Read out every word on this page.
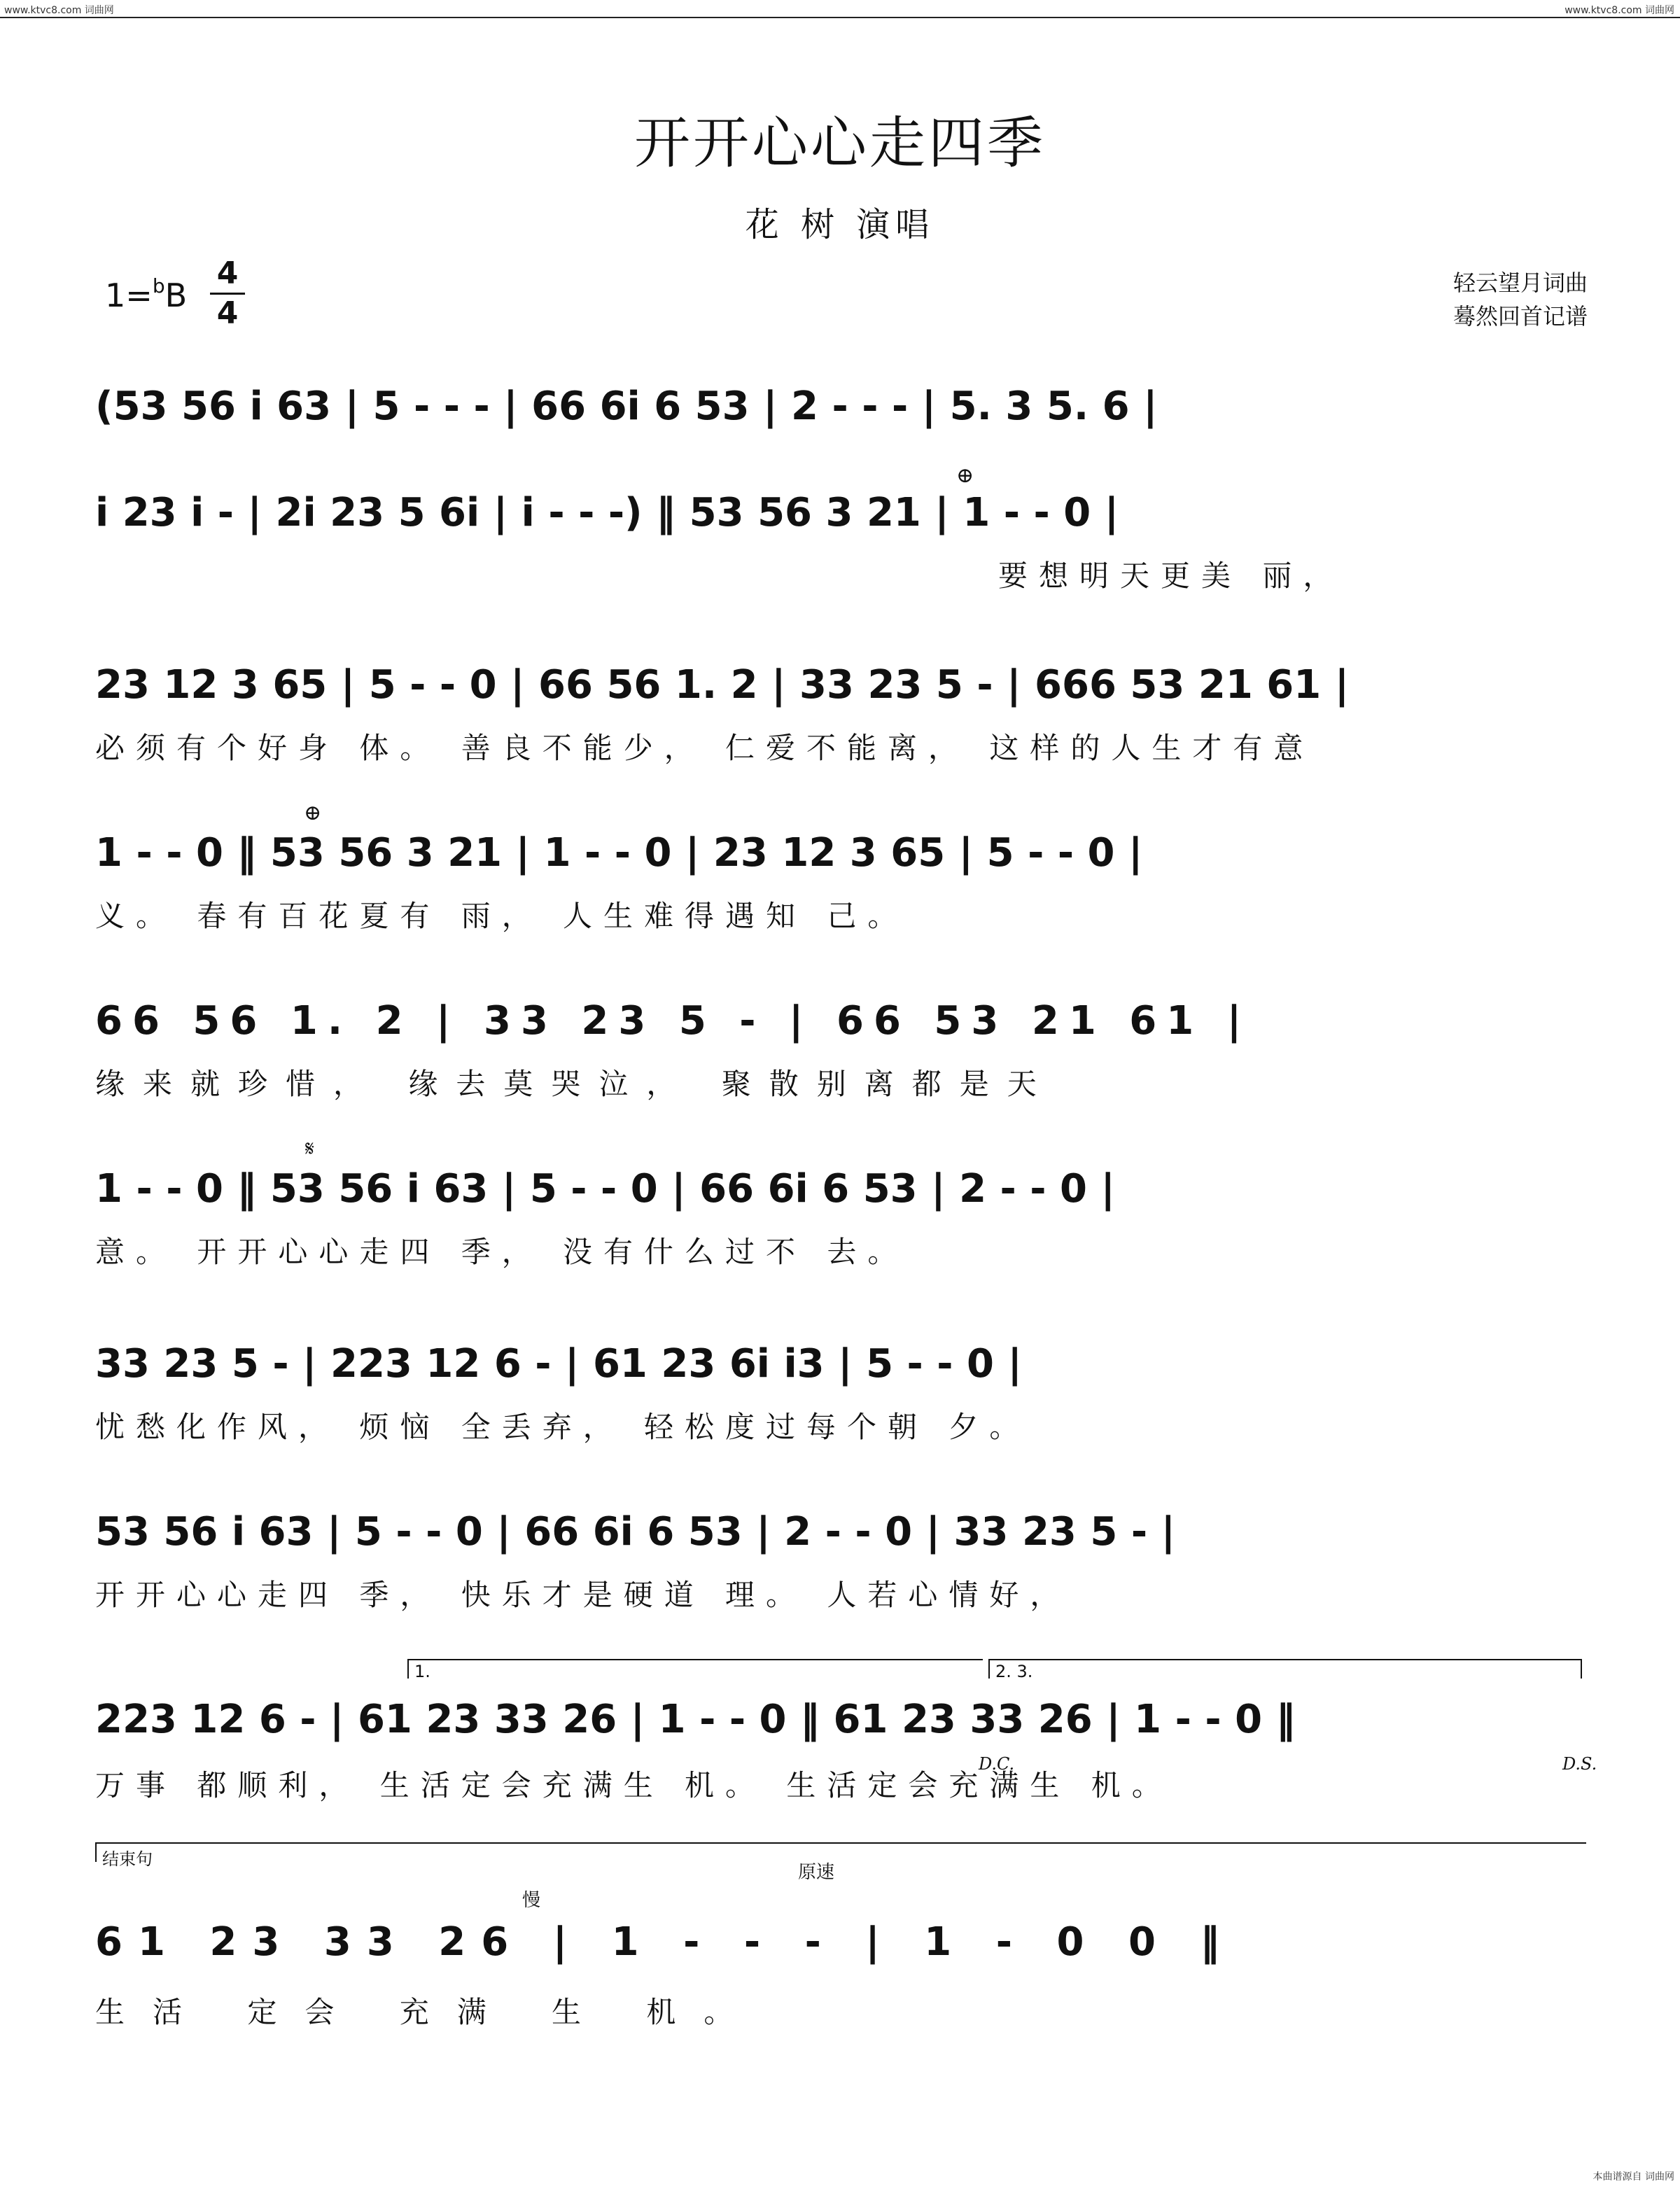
www.ktvc8.com 词曲网	www.ktvc8.com 词曲网
开开心心走四季
花 树 演唱
1=$^b$B
4
4
轻云望月词曲
蓦然回首记谱
(53 56 i 63 | 5 - - - | 66 6i 6 53 | 2 - - - | 5. 3 5. 6 |
⊕
i 23 i - | 2i 23 5 6i | i - - -) ‖ 53 56 3 21 | 1 - - 0 |
要想明天更美 丽，
23 12 3 65 | 5 - - 0 | 66 56 1. 2 | 33 23 5 - | 666 53 21 61 |
必须有个好身 体。 善良不能少， 仁爱不能离， 这样的人生才有意
⊕
1 - - 0 ‖ 53 56 3 21 | 1 - - 0 | 23 12 3 65 | 5 - - 0 |
义。 春有百花夏有 雨， 人生难得遇知 己。
66 56 1. 2 | 33 23 5 - | 66 53 21 61 |
缘来就珍惜， 缘去莫哭泣， 聚散别离都是天
𝄋
1 - - 0 ‖ 53 56 i 63 | 5 - - 0 | 66 6i 6 53 | 2 - - 0 |
意。 开开心心走四 季， 没有什么过不 去。
33 23 5 - | 223 12 6 - | 61 23 6i i3 | 5 - - 0 |
忧愁化作风， 烦恼 全丢弃， 轻松度过每个朝 夕。
53 56 i 63 | 5 - - 0 | 66 6i 6 53 | 2 - - 0 | 33 23 5 - |
开开心心走四 季， 快乐才是硬道 理。 人若心情好，
1.	2. 3.
223 12 6 - | 61 23 33 26 | 1 - - 0 ‖ 61 23 33 26 | 1 - - 0 ‖
D.C.	D.S.
万事 都顺利， 生活定会充满生 机。 生活定会充满生 机。
结束句
慢
原速
61 23 33 26 | 1 - - - | 1 - 0 0 ‖
生活 定会 充满 生 机。
本曲谱源自 词曲网
